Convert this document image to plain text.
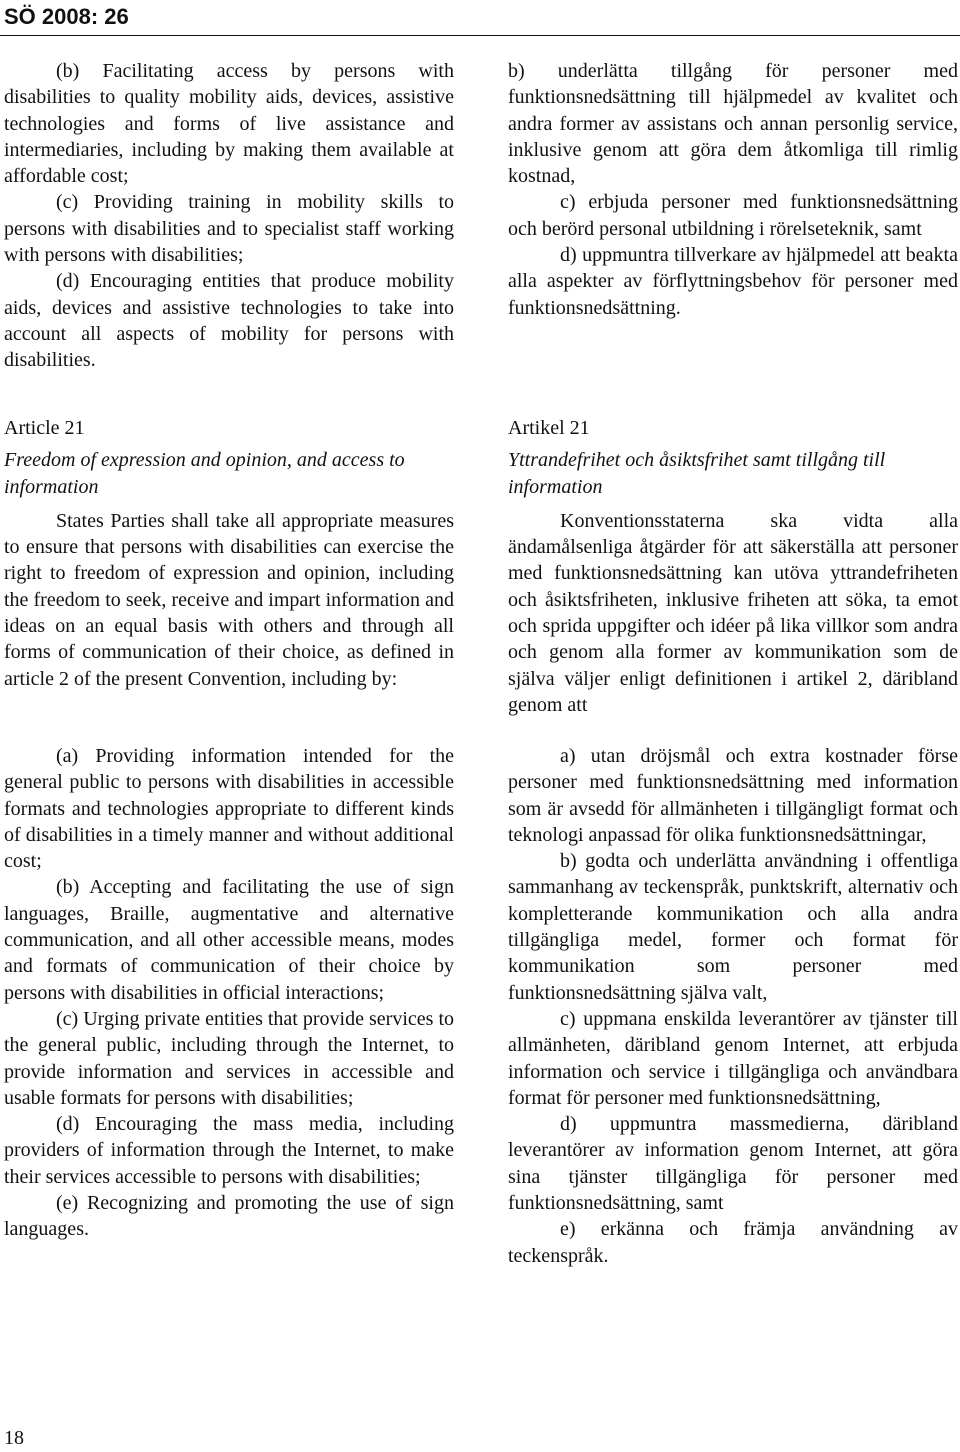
SÖ 2008: 26

(b) Facilitating access by persons with disabilities to quality mobility aids, devices, assistive technologies and forms of live assistance and intermediaries, including by making them available at affordable cost;

(c) Providing training in mobility skills to persons with disabilities and to specialist staff working with persons with disabilities;

(d) Encouraging entities that produce mobility aids, devices and assistive technologies to take into account all aspects of mobility for persons with disabilities.

Article 21

Freedom of expression and opinion, and access to information

States Parties shall take all appropriate measures to ensure that persons with disabilities can exercise the right to freedom of expression and opinion, including the freedom to seek, receive and impart information and ideas on an equal basis with others and through all forms of communication of their choice, as defined in article 2 of the present Convention, including by:

(a) Providing information intended for the general public to persons with disabilities in accessible formats and technologies appropriate to different kinds of disabilities in a timely manner and without additional cost;

(b) Accepting and facilitating the use of sign languages, Braille, augmentative and alternative communication, and all other accessible means, modes and formats of communication of their choice by persons with disabilities in official interactions;

(c) Urging private entities that provide services to the general public, including through the Internet, to provide information and services in accessible and usable formats for persons with disabilities;

(d) Encouraging the mass media, including providers of information through the Internet, to make their services accessible to persons with disabilities;

(e) Recognizing and promoting the use of sign languages.

b) underlätta tillgång för personer med funktionsnedsättning till hjälpmedel av kvalitet och andra former av assistans och annan personlig service, inklusive genom att göra dem åtkomliga till rimlig kostnad,

c) erbjuda personer med funktionsnedsättning och berörd personal utbildning i rörelseteknik, samt

d) uppmuntra tillverkare av hjälpmedel att beakta alla aspekter av förflyttningsbehov för personer med funktionsnedsättning.

Artikel 21

Yttrandefrihet och åsiktsfrihet samt tillgång till information

Konventionsstaterna ska vidta alla ändamålsenliga åtgärder för att säkerställa att personer med funktionsnedsättning kan utöva yttrandefriheten och åsiktsfriheten, inklusive friheten att söka, ta emot och sprida uppgifter och idéer på lika villkor som andra och genom alla former av kommunikation som de själva väljer enligt definitionen i artikel 2, däribland genom att

a) utan dröjsmål och extra kostnader förse personer med funktionsnedsättning med information som är avsedd för allmänheten i tillgängligt format och teknologi anpassad för olika funktionsnedsättningar,

b) godta och underlätta användning i offentliga sammanhang av teckenspråk, punktskrift, alternativ och kompletterande kommunikation och alla andra tillgängliga medel, former och format för kommunikation som personer med funktionsnedsättning själva valt,

c) uppmana enskilda leverantörer av tjänster till allmänheten, däribland genom Internet, att erbjuda information och service i tillgängliga och användbara format för personer med funktionsnedsättning,

d) uppmuntra massmedierna, däribland leverantörer av information genom Internet, att göra sina tjänster tillgängliga för personer med funktionsnedsättning, samt

e) erkänna och främja användning av teckenspråk.

18
